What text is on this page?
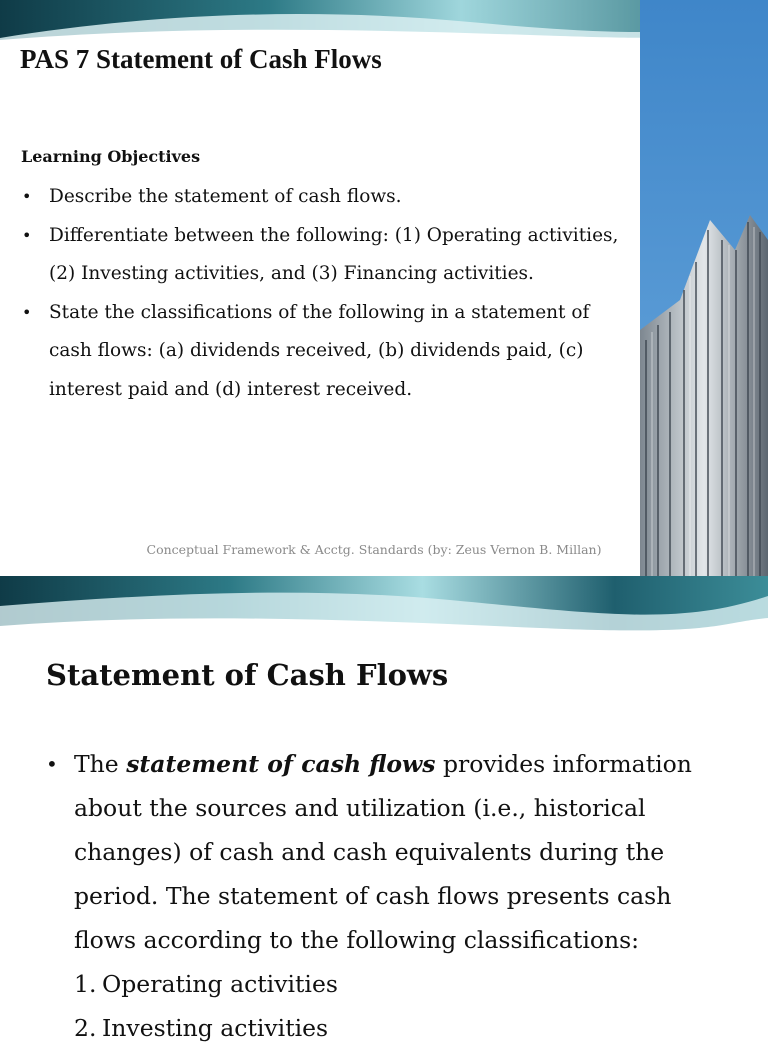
PAS 7 Statement of Cash Flows
Learning Objectives
• Describe the statement of cash flows.
• Differentiate between the following: (1) Operating activities, (2) Investing activities, and (3) Financing activities.
• State the classifications of the following in a statement of cash flows: (a) dividends received, (b) dividends paid, (c) interest paid and (d) interest received.
Conceptual Framework & Acctg. Standards (by: Zeus Vernon B. Millan)
Statement of Cash Flows
• The statement of cash flows provides information about the sources and utilization (i.e., historical changes) of cash and cash equivalents during the period. The statement of cash flows presents cash flows according to the following classifications:
1. Operating activities
2. Investing activities
